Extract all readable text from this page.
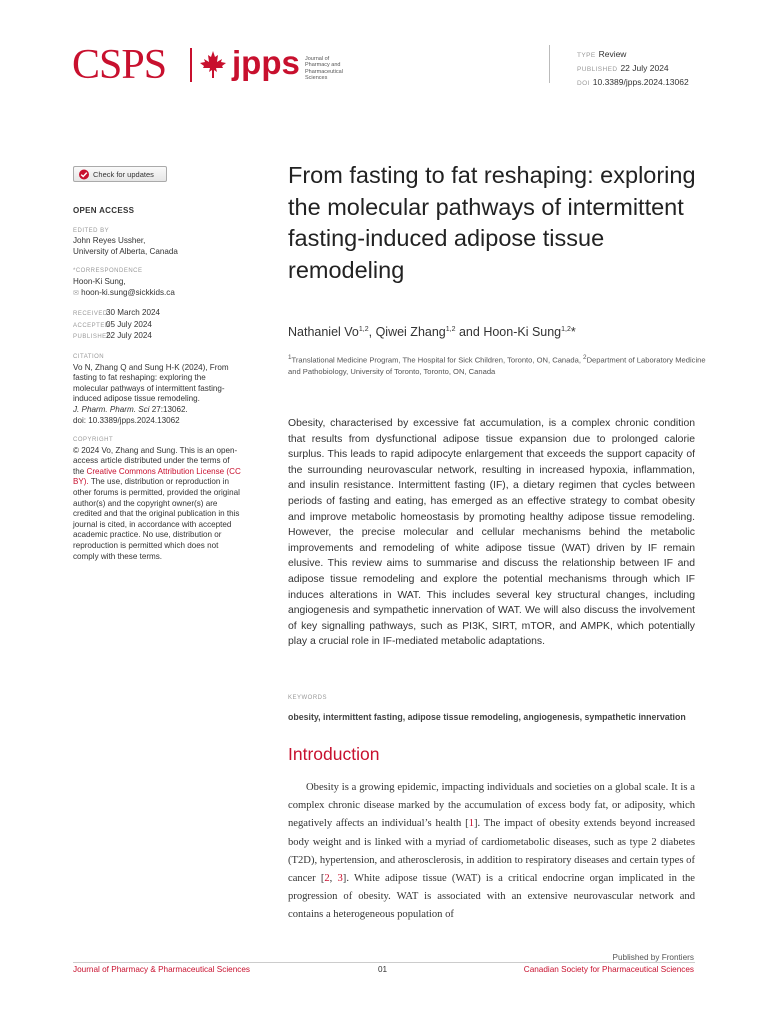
CSPS jpps Journal of
Pharmacy and
Pharmaceutical
Sciences
TYPE Review
PUBLISHED 22 July 2024
DOI 10.3389/jpps.2024.13062
Check for updates
OPEN ACCESS
EDITED BY
John Reyes Ussher,
University of Alberta, Canada
*CORRESPONDENCE
Hoon-Ki Sung,
✉ hoon-ki.sung@sickkids.ca
RECEIVED30 March 2024
ACCEPTED05 July 2024
PUBLISHED22 July 2024
CITATION
Vo N, Zhang Q and Sung H-K (2024), From fasting to fat reshaping: exploring the molecular pathways of intermittent fasting-induced adipose tissue remodeling.
J. Pharm. Pharm. Sci 27:13062.
doi: 10.3389/jpps.2024.13062
COPYRIGHT
© 2024 Vo, Zhang and Sung. This is an open-access article distributed under the terms of the Creative Commons Attribution License (CC BY). The use, distribution or reproduction in other forums is permitted, provided the original author(s) and the copyright owner(s) are credited and that the original publication in this journal is cited, in accordance with accepted academic practice. No use, distribution or reproduction is permitted which does not comply with these terms.
From fasting to fat reshaping: exploring the molecular pathways of intermittent fasting-induced adipose tissue remodeling
Nathaniel Vo$^{1,2}$, Qiwei Zhang$^{1,2}$ and Hoon-Ki Sung$^{1,2}$*
$^1$Translational Medicine Program, The Hospital for Sick Children, Toronto, ON, Canada, $^2$Department of Laboratory Medicine and Pathobiology, University of Toronto, Toronto, ON, Canada

Obesity, characterised by excessive fat accumulation, is a complex chronic condition that results from dysfunctional adipose tissue expansion due to prolonged calorie surplus. This leads to rapid adipocyte enlargement that exceeds the support capacity of the surrounding neurovascular network, resulting in increased hypoxia, inflammation, and insulin resistance. Intermittent fasting (IF), a dietary regimen that cycles between periods of fasting and eating, has emerged as an effective strategy to combat obesity and improve metabolic homeostasis by promoting healthy adipose tissue remodeling. However, the precise molecular and cellular mechanisms behind the metabolic improvements and remodeling of white adipose tissue (WAT) driven by IF remain elusive. This review aims to summarise and discuss the relationship between IF and adipose tissue remodeling and explore the potential mechanisms through which IF induces alterations in WAT. This includes several key structural changes, including angiogenesis and sympathetic innervation of WAT. We will also discuss the involvement of key signalling pathways, such as PI3K, SIRT, mTOR, and AMPK, which potentially play a crucial role in IF-mediated metabolic adaptations.

KEYWORDS
obesity, intermittent fasting, adipose tissue remodeling, angiogenesis, sympathetic innervation
Introduction

Obesity is a growing epidemic, impacting individuals and societies on a global scale. It is a complex chronic disease marked by the accumulation of excess body fat, or adiposity, which negatively affects an individual’s health [1]. The impact of obesity extends beyond increased body weight and is linked with a myriad of cardiometabolic diseases, such as type 2 diabetes (T2D), hypertension, and atherosclerosis, in addition to respiratory diseases and certain types of cancer [2, 3]. White adipose tissue (WAT) is a critical endocrine organ implicated in the progression of obesity. WAT is associated with an extensive neurovascular network and contains a heterogeneous population of

Published by Frontiers
Journal of Pharmacy & Pharmaceutical Sciences	01	Canadian Society for Pharmaceutical Sciences
